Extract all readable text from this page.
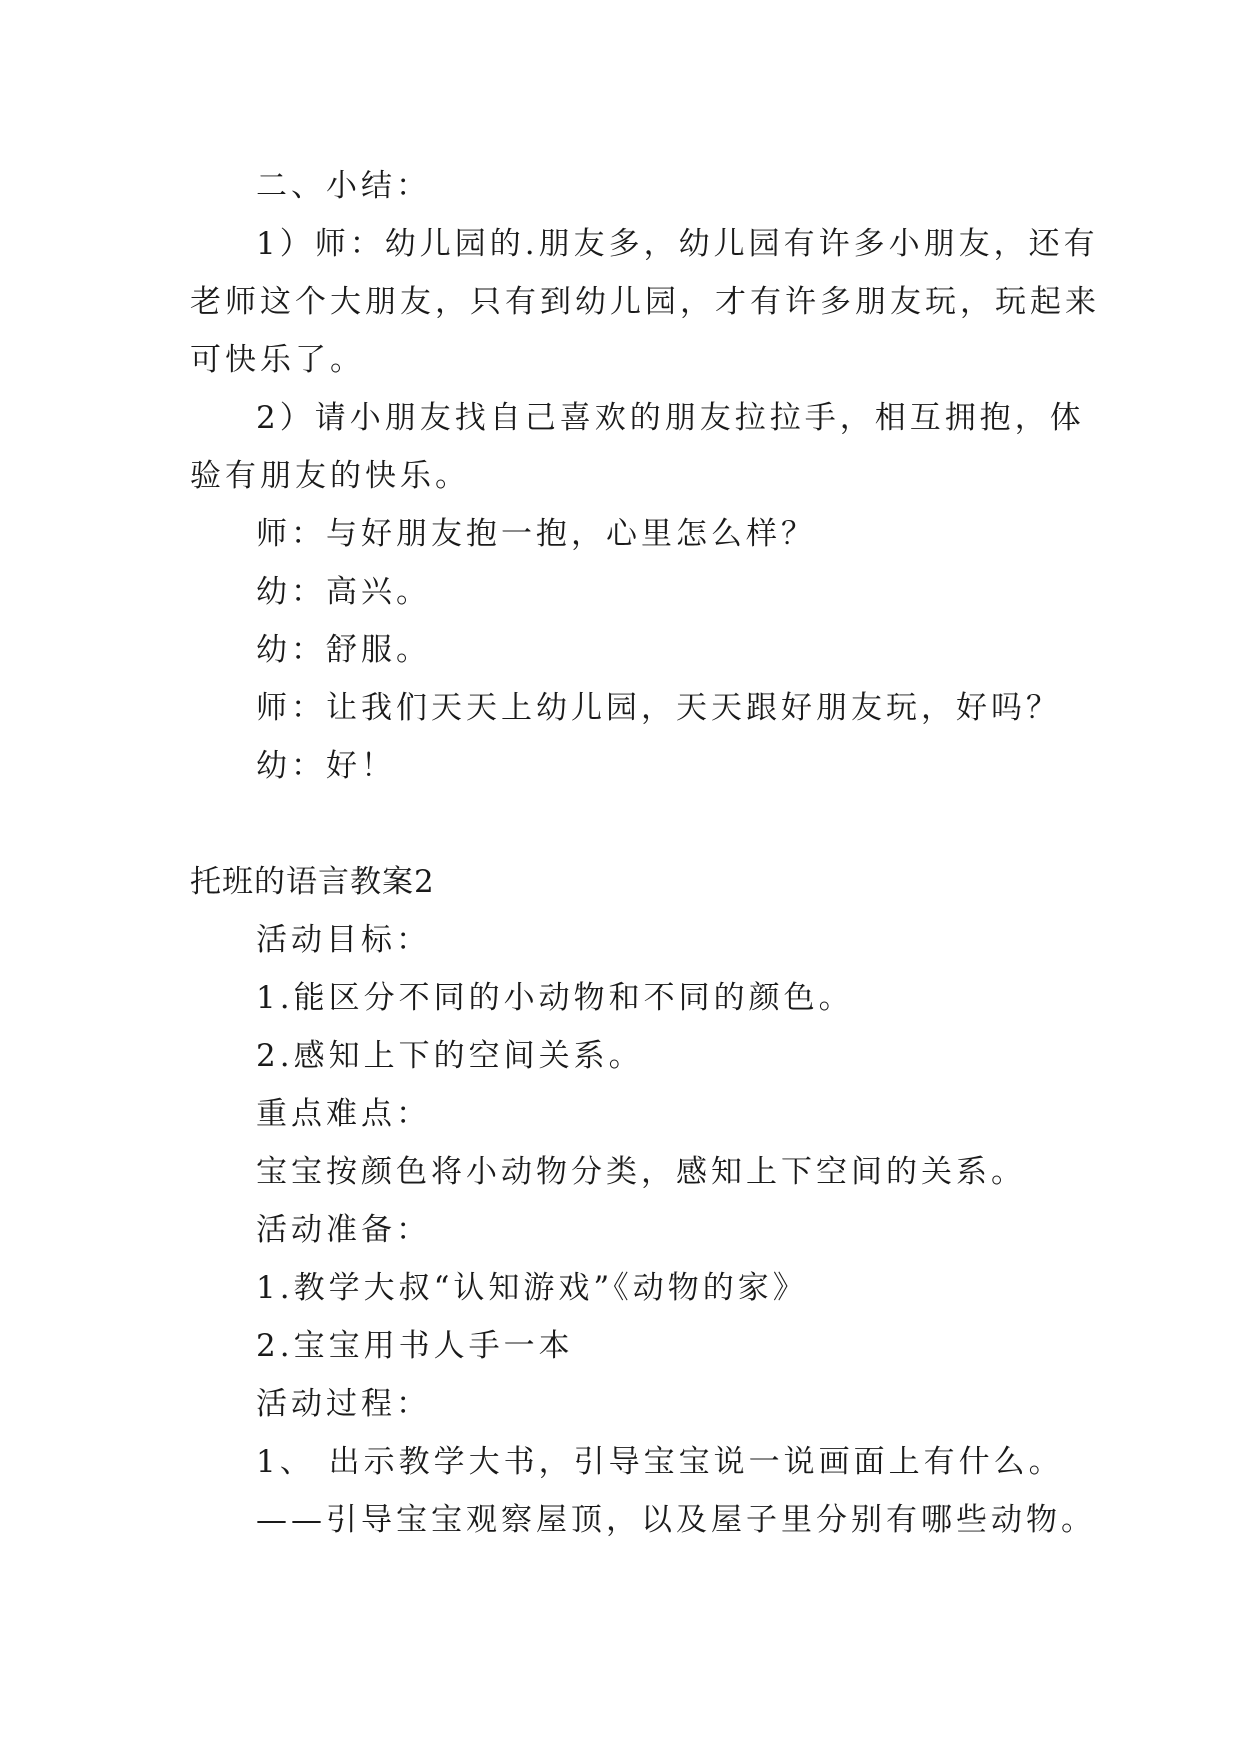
二、小结：
1）师：幼儿园的.朋友多，幼儿园有许多小朋友，还有
老师这个大朋友，只有到幼儿园，才有许多朋友玩，玩起来
可快乐了。
2）请小朋友找自己喜欢的朋友拉拉手，相互拥抱，体
验有朋友的快乐。
师：与好朋友抱一抱，心里怎么样？
幼：高兴。
幼：舒服。
师：让我们天天上幼儿园，天天跟好朋友玩，好吗？
幼：好！
托班的语言教案2
活动目标：
1.能区分不同的小动物和不同的颜色。
2.感知上下的空间关系。
重点难点：
宝宝按颜色将小动物分类，感知上下空间的关系。
活动准备：
1.教学大叔“认知游戏”《动物的家》
2.宝宝用书人手一本
活动过程：
1、 出示教学大书，引导宝宝说一说画面上有什么。
——引导宝宝观察屋顶，以及屋子里分别有哪些动物。
